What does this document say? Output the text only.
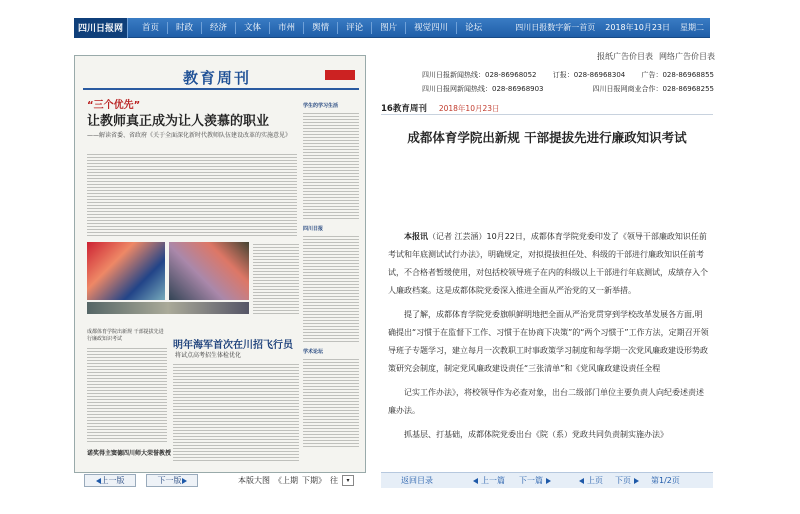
四川日报网	首页	时政	经济	文体	市州	舆情	评论	图片	视觉四川	论坛	四川日报数字新一首页 2018年10月23日 星期二
报纸广告价目表 网络广告价目表
四川日报新闻热线：028-86968052 订报：028-86968304 广告：028-86968855
四川日报网新闻热线：028-86968903	四川日报网商业合作：028-86968255
教育周刊
“三个优先”
让教师真正成为让人羡慕的职业
——解读省委、省政府《关于全面深化新时代教师队伍建设改革的实施意见》
成都体育学院出新规 干部提拔先进行廉政知识考试
明年海军首次在川招飞行员
将试点高考招生体检优化
诺奖得主窦德四川师大荣誉教授
学生的学习生活
四川日报
学术论坛
上一版	下一版	本版大图 《上期 下期》 往	▾
16教育周刊 2018年10月23日
成都体育学院出新规 干部提拔先进行廉政知识考试

本报讯（记者 江芸涵）10月22日，成都体育学院党委印发了《领导干部廉政知识任前考试和年底测试试行办法》，明确规定，对拟提拔担任处、科级的干部进行廉政知识任前考试，不合格者暂缓使用，对包括校领导班子在内的科级以上干部进行年底测试，成绩存入个人廉政档案。这是成都体院党委深入推进全面从严治党的又一新举措。

提了解，成都体育学院党委旗帜鲜明地把全面从严治党贯穿到学校改革发展各方面,明确提出“习惯于在监督下工作、习惯于在协商下决策”的“两个习惯于”工作方法，定期召开领导班子专题学习，建立每月一次教职工时事政策学习制度和每学期一次党风廉政建设形势政策研究会制度，制定党风廉政建设责任“三张清单”和《党风廉政建设责任全程

记实工作办法》，将校领导作为必查对象，出台二级部门单位主要负责人向纪委述责述廉办法。

抓基层、打基础，成都体院党委出台《院（系）党政共同负责制实施办法》

返回目录	上一篇 下一篇	上页 下页	第1/2页
